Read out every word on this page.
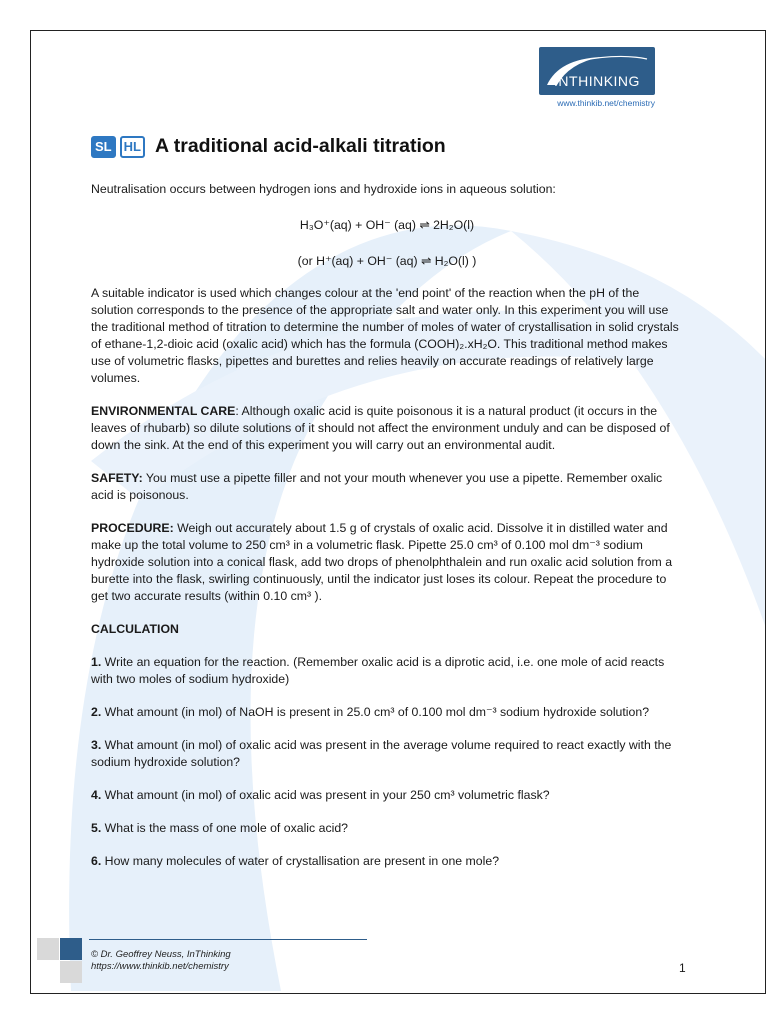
INTHINKING
www.thinkib.net/chemistry
SL HL A traditional acid-alkali titration

Neutralisation occurs between hydrogen ions and hydroxide ions in aqueous solution:

H₃O⁺(aq) + OH⁻ (aq) ⇌ 2H₂O(l)

(or H⁺(aq) + OH⁻ (aq) ⇌ H₂O(l) )

A suitable indicator is used which changes colour at the 'end point' of the reaction when the pH of the solution corresponds to the presence of the appropriate salt and water only. In this experiment you will use the traditional method of titration to determine the number of moles of water of crystallisation in solid crystals of ethane-1,2-dioic acid (oxalic acid) which has the formula (COOH)₂.xH₂O. This traditional method makes use of volumetric flasks, pipettes and burettes and relies heavily on accurate readings of relatively large volumes.

ENVIRONMENTAL CARE: Although oxalic acid is quite poisonous it is a natural product (it occurs in the leaves of rhubarb) so dilute solutions of it should not affect the environment unduly and can be disposed of down the sink. At the end of this experiment you will carry out an environmental audit.

SAFETY: You must use a pipette filler and not your mouth whenever you use a pipette. Remember oxalic acid is poisonous.

PROCEDURE: Weigh out accurately about 1.5 g of crystals of oxalic acid. Dissolve it in distilled water and make up the total volume to 250 cm³ in a volumetric flask. Pipette 25.0 cm³ of 0.100 mol dm⁻³ sodium hydroxide solution into a conical flask, add two drops of phenolphthalein and run oxalic acid solution from a burette into the flask, swirling continuously, until the indicator just loses its colour. Repeat the procedure to get two accurate results (within 0.10 cm³ ).

CALCULATION

1. Write an equation for the reaction. (Remember oxalic acid is a diprotic acid, i.e. one mole of acid reacts with two moles of sodium hydroxide)

2. What amount (in mol) of NaOH is present in 25.0 cm³ of 0.100 mol dm⁻³ sodium hydroxide solution?

3. What amount (in mol) of oxalic acid was present in the average volume required to react exactly with the sodium hydroxide solution?

4. What amount (in mol) of oxalic acid was present in your 250 cm³ volumetric flask?

5. What is the mass of one mole of oxalic acid?

6. How many molecules of water of crystallisation are present in one mole?

© Dr. Geoffrey Neuss, InThinking
https://www.thinkib.net/chemistry	1
